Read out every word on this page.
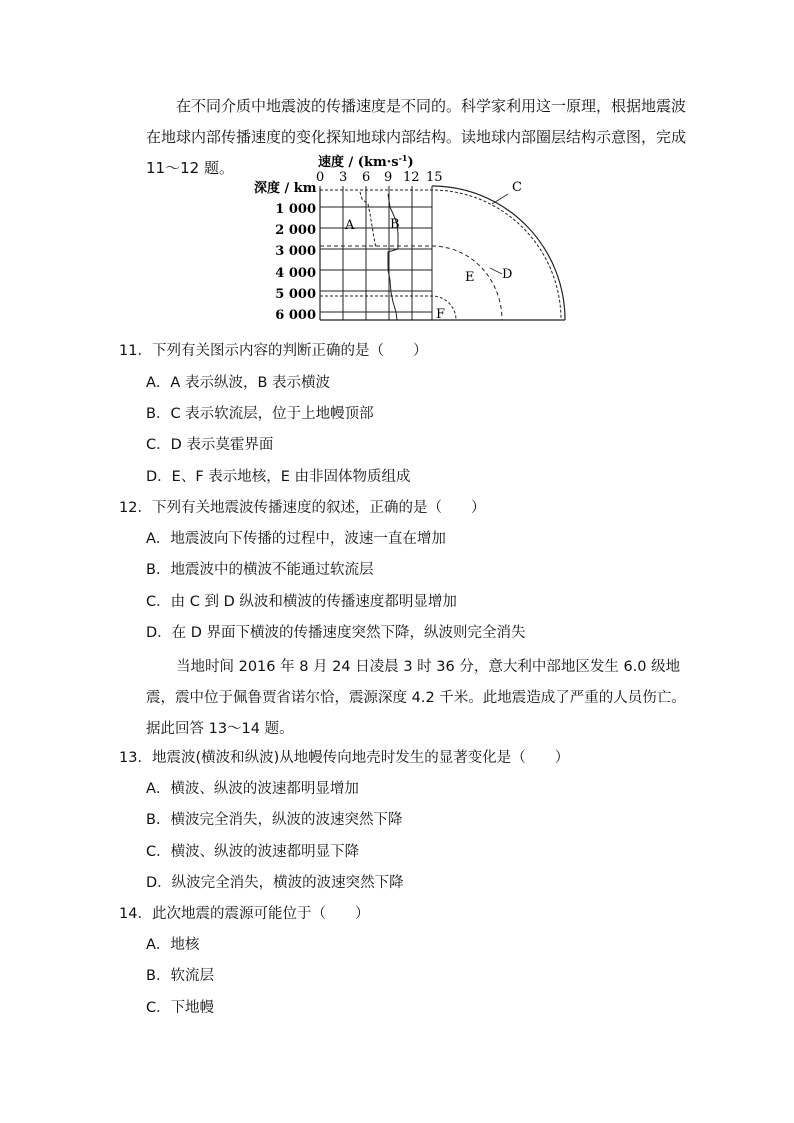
在不同介质中地震波的传播速度是不同的。科学家利用这一原理，根据地震波在地球内部传播速度的变化探知地球内部结构。读地球内部圈层结构示意图，完成 11～12 题。	速度 / $(km\cdot s^{-1})$
深度 / km
0 3 6 9 12 15
1 000
2 000
3 000
4 000
5 000
6 000
A	B
C
D
E
F

11．下列有关图示内容的判断正确的是（　　）

A．A 表示纵波，B 表示横波

B．C 表示软流层，位于上地幔顶部

C．D 表示莫霍界面

D．E、F 表示地核，E 由非固体物质组成

12．下列有关地震波传播速度的叙述，正确的是（　　）

A．地震波向下传播的过程中，波速一直在增加

B．地震波中的横波不能通过软流层

C．由 C 到 D 纵波和横波的传播速度都明显增加

D．在 D 界面下横波的传播速度突然下降，纵波则完全消失

当地时间 2016 年 8 月 24 日凌晨 3 时 36 分，意大利中部地区发生 6.0 级地震，震中位于佩鲁贾省诺尔恰，震源深度 4.2 千米。此地震造成了严重的人员伤亡。据此回答 13～14 题。

13．地震波(横波和纵波)从地幔传向地壳时发生的显著变化是（　　）

A．横波、纵波的波速都明显增加

B．横波完全消失，纵波的波速突然下降

C．横波、纵波的波速都明显下降

D．纵波完全消失，横波的波速突然下降

14．此次地震的震源可能位于（　　）

A．地核

B．软流层

C．下地幔
